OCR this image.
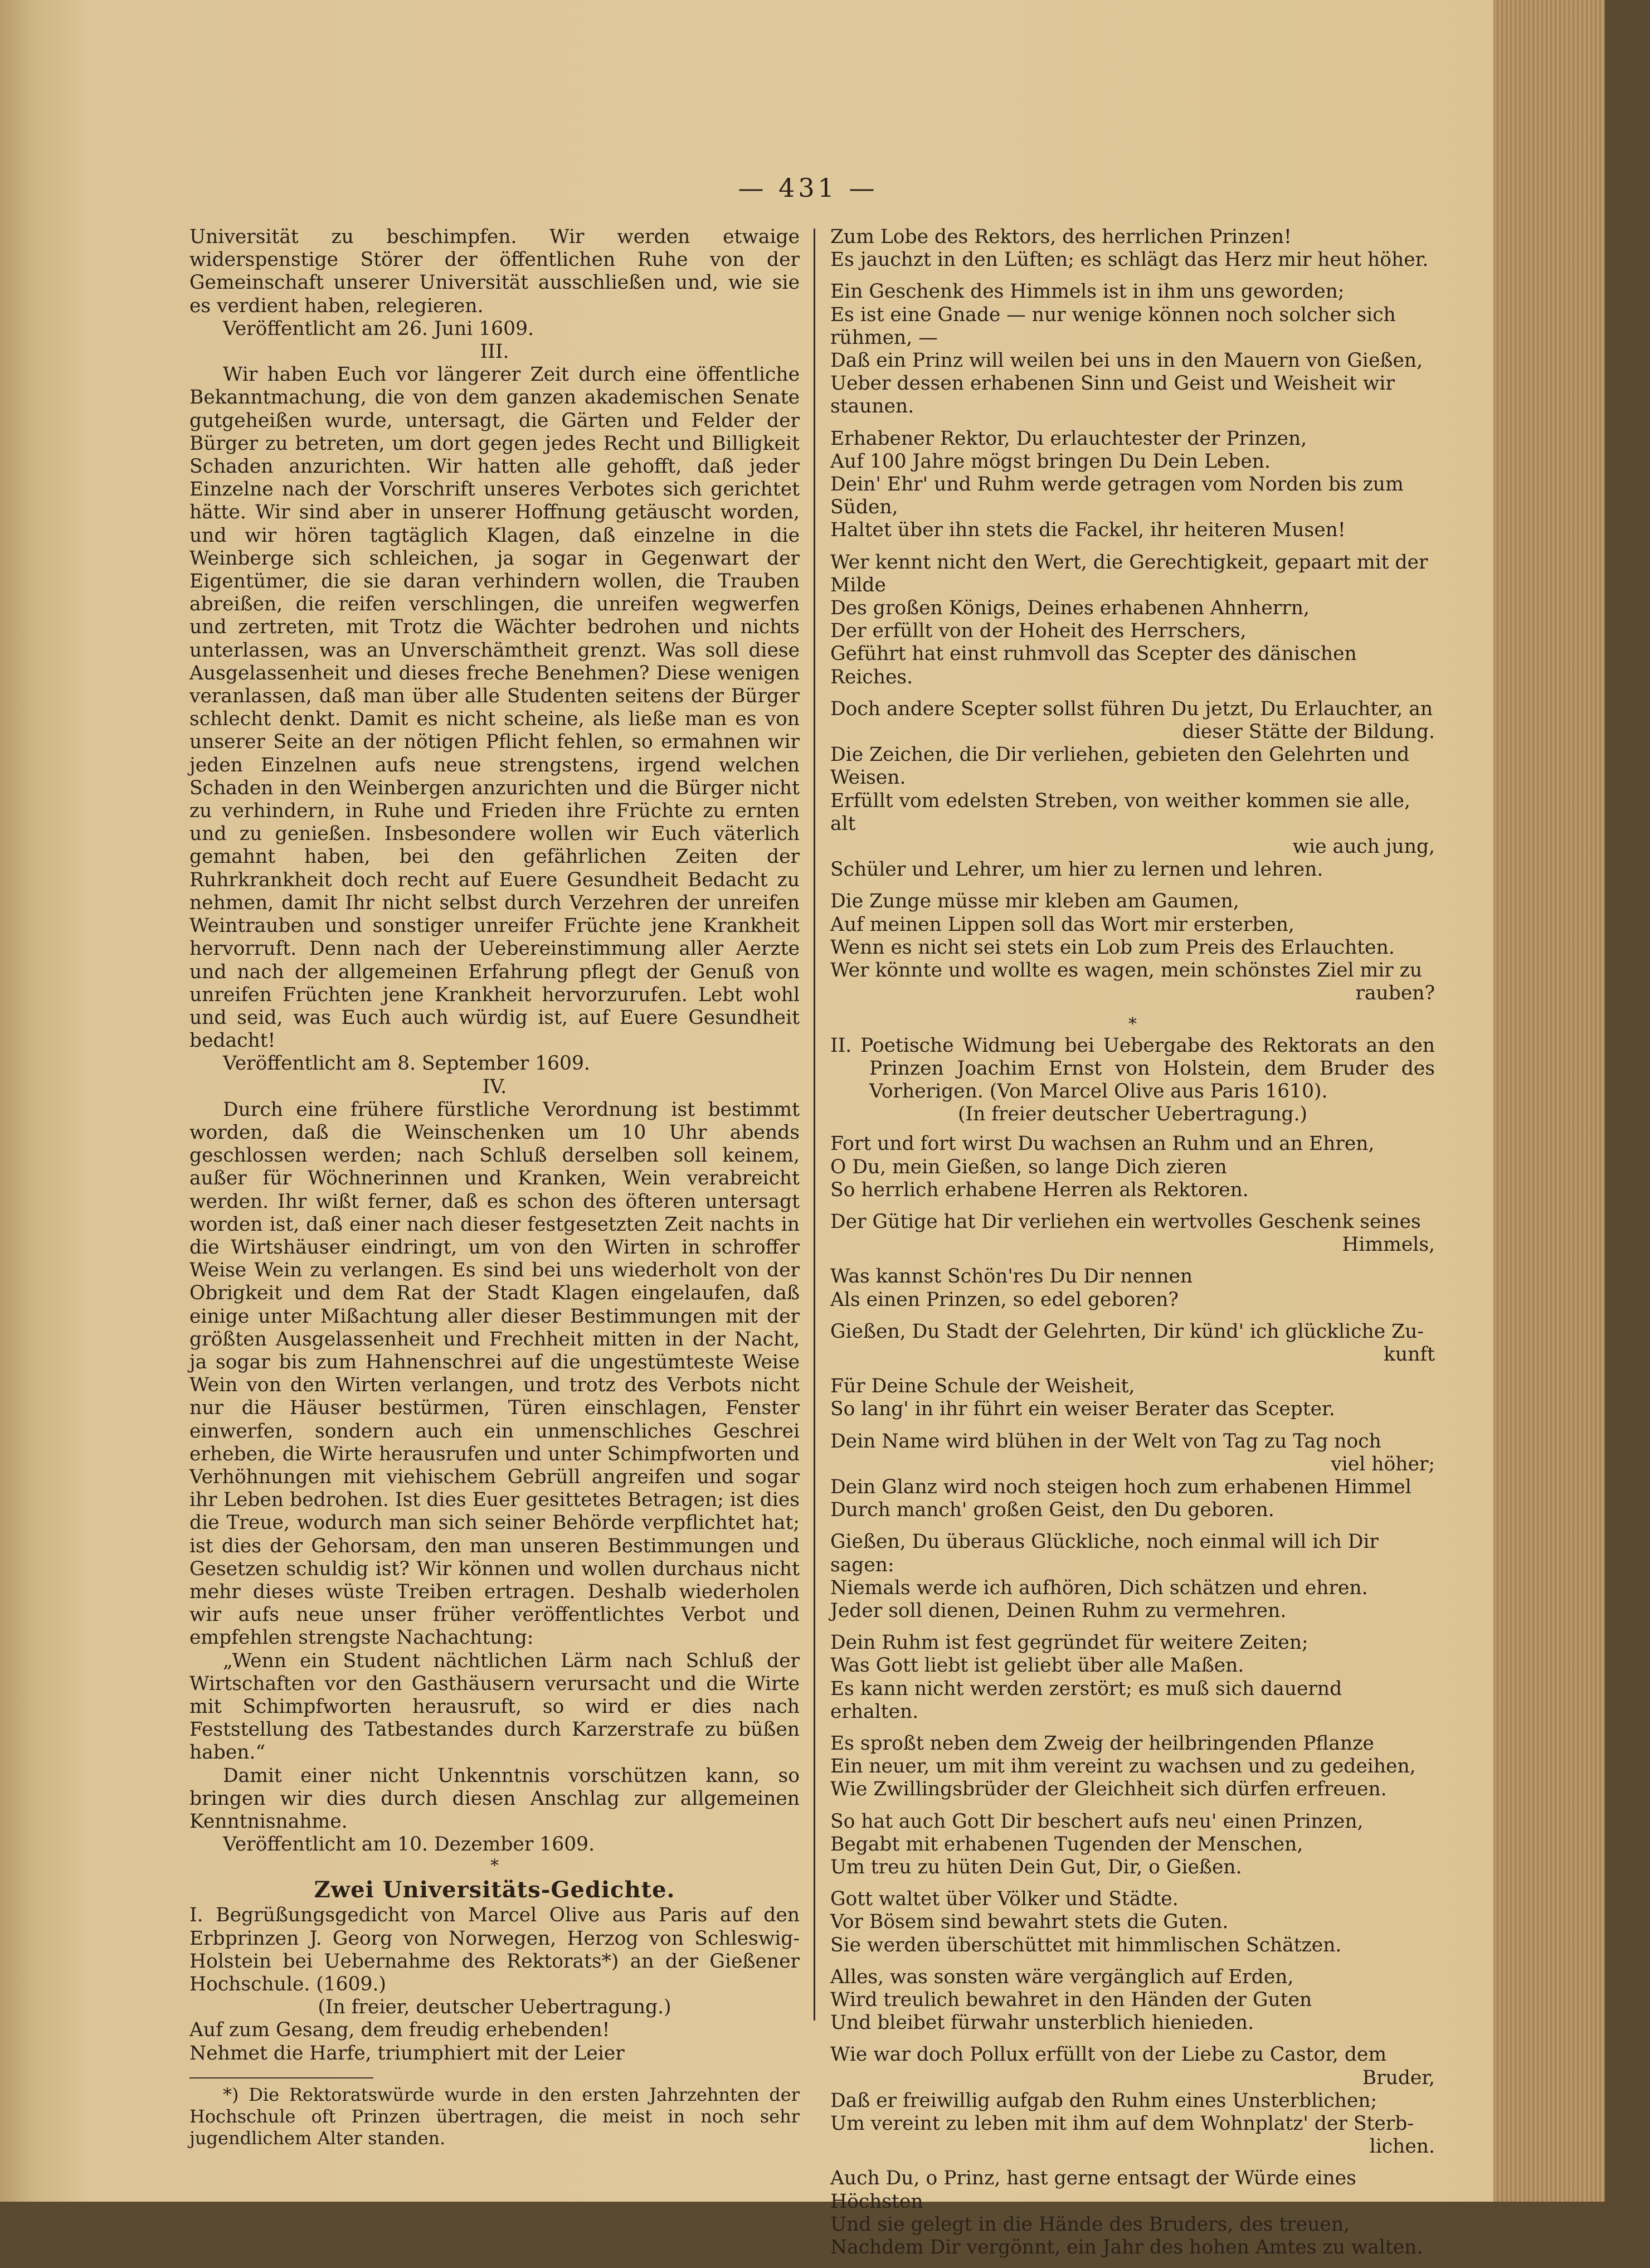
— 431 —

Universität zu beschimpfen. Wir werden etwaige widerspenstige Störer der öffentlichen Ruhe von der Gemeinschaft unserer Universität ausschließen und, wie sie es verdient haben, relegieren.

Veröffentlicht am 26. Juni 1609.

III.

Wir haben Euch vor längerer Zeit durch eine öffentliche Bekanntmachung, die von dem ganzen akademischen Senate gutgeheißen wurde, untersagt, die Gärten und Felder der Bürger zu betreten, um dort gegen jedes Recht und Billigkeit Schaden anzurichten. Wir hatten alle gehofft, daß jeder Einzelne nach der Vorschrift unseres Verbotes sich gerichtet hätte. Wir sind aber in unserer Hoffnung getäuscht worden, und wir hören tagtäglich Klagen, daß einzelne in die Weinberge sich schleichen, ja sogar in Gegenwart der Eigentümer, die sie daran verhindern wollen, die Trauben abreißen, die reifen verschlingen, die unreifen wegwerfen und zertreten, mit Trotz die Wächter bedrohen und nichts unterlassen, was an Unverschämtheit grenzt. Was soll diese Ausgelassenheit und dieses freche Benehmen? Diese wenigen veranlassen, daß man über alle Studenten seitens der Bürger schlecht denkt. Damit es nicht scheine, als ließe man es von unserer Seite an der nötigen Pflicht fehlen, so ermahnen wir jeden Einzelnen aufs neue strengstens, irgend welchen Schaden in den Weinbergen anzurichten und die Bürger nicht zu verhindern, in Ruhe und Frieden ihre Früchte zu ernten und zu genießen. Insbesondere wollen wir Euch väterlich gemahnt haben, bei den gefährlichen Zeiten der Ruhrkrankheit doch recht auf Euere Gesundheit Bedacht zu nehmen, damit Ihr nicht selbst durch Verzehren der unreifen Weintrauben und sonstiger unreifer Früchte jene Krankheit hervorruft. Denn nach der Uebereinstimmung aller Aerzte und nach der allgemeinen Erfahrung pflegt der Genuß von unreifen Früchten jene Krankheit hervorzurufen. Lebt wohl und seid, was Euch auch würdig ist, auf Euere Gesundheit bedacht!

Veröffentlicht am 8. September 1609.

IV.

Durch eine frühere fürstliche Verordnung ist bestimmt worden, daß die Weinschenken um 10 Uhr abends geschlossen werden; nach Schluß derselben soll keinem, außer für Wöchnerinnen und Kranken, Wein verabreicht werden. Ihr wißt ferner, daß es schon des öfteren untersagt worden ist, daß einer nach dieser festgesetzten Zeit nachts in die Wirtshäuser eindringt, um von den Wirten in schroffer Weise Wein zu verlangen. Es sind bei uns wiederholt von der Obrigkeit und dem Rat der Stadt Klagen eingelaufen, daß einige unter Mißachtung aller dieser Bestimmungen mit der größten Ausgelassenheit und Frechheit mitten in der Nacht, ja sogar bis zum Hahnenschrei auf die ungestümteste Weise Wein von den Wirten verlangen, und trotz des Verbots nicht nur die Häuser bestürmen, Türen einschlagen, Fenster einwerfen, sondern auch ein unmenschliches Geschrei erheben, die Wirte herausrufen und unter Schimpfworten und Verhöhnungen mit viehischem Gebrüll angreifen und sogar ihr Leben bedrohen. Ist dies Euer gesittetes Betragen; ist dies die Treue, wodurch man sich seiner Behörde verpflichtet hat; ist dies der Gehorsam, den man unseren Bestimmungen und Gesetzen schuldig ist? Wir können und wollen durchaus nicht mehr dieses wüste Treiben ertragen. Deshalb wiederholen wir aufs neue unser früher veröffentlichtes Verbot und empfehlen strengste Nachachtung:

„Wenn ein Student nächtlichen Lärm nach Schluß der Wirtschaften vor den Gasthäusern verursacht und die Wirte mit Schimpfworten herausruft, so wird er dies nach Feststellung des Tatbestandes durch Karzerstrafe zu büßen haben.“

Damit einer nicht Unkenntnis vorschützen kann, so bringen wir dies durch diesen Anschlag zur allgemeinen Kenntnisnahme.

Veröffentlicht am 10. Dezember 1609.

*

Zwei Universitäts-Gedichte.

I. Begrüßungsgedicht von Marcel Olive aus Paris auf den Erbprinzen J. Georg von Norwegen, Herzog von Schleswig-Holstein bei Uebernahme des Rektorats*) an der Gießener Hochschule. (1609.)

(In freier, deutscher Uebertragung.)

Auf zum Gesang, dem freudig erhebenden!
Nehmet die Harfe, triumphiert mit der Leier

*) Die Rektoratswürde wurde in den ersten Jahrzehnten der Hochschule oft Prinzen übertragen, die meist in noch sehr jugendlichem Alter standen.

Zum Lobe des Rektors, des herrlichen Prinzen!
Es jauchzt in den Lüften; es schlägt das Herz mir heut höher.
Ein Geschenk des Himmels ist in ihm uns geworden;
Es ist eine Gnade — nur wenige können noch solcher sich rühmen, —
Daß ein Prinz will weilen bei uns in den Mauern von Gießen,
Ueber dessen erhabenen Sinn und Geist und Weisheit wir staunen.
Erhabener Rektor, Du erlauchtester der Prinzen,
Auf 100 Jahre mögst bringen Du Dein Leben.
Dein' Ehr' und Ruhm werde getragen vom Norden bis zum Süden,
Haltet über ihn stets die Fackel, ihr heiteren Musen!
Wer kennt nicht den Wert, die Gerechtigkeit, gepaart mit der Milde
Des großen Königs, Deines erhabenen Ahnherrn,
Der erfüllt von der Hoheit des Herrschers,
Geführt hat einst ruhmvoll das Scepter des dänischen Reiches.
Doch andere Scepter sollst führen Du jetzt, Du Erlauchter, an
dieser Stätte der Bildung.
Die Zeichen, die Dir verliehen, gebieten den Gelehrten und Weisen.
Erfüllt vom edelsten Streben, von weither kommen sie alle, alt
wie auch jung,
Schüler und Lehrer, um hier zu lernen und lehren.
Die Zunge müsse mir kleben am Gaumen,
Auf meinen Lippen soll das Wort mir ersterben,
Wenn es nicht sei stets ein Lob zum Preis des Erlauchten.
Wer könnte und wollte es wagen, mein schönstes Ziel mir zu
rauben?

*

II. Poetische Widmung bei Uebergabe des Rektorats an den Prinzen Joachim Ernst von Holstein, dem Bruder des Vorherigen. (Von Marcel Olive aus Paris 1610).

(In freier deutscher Uebertragung.)

Fort und fort wirst Du wachsen an Ruhm und an Ehren,
O Du, mein Gießen, so lange Dich zieren
So herrlich erhabene Herren als Rektoren.
Der Gütige hat Dir verliehen ein wertvolles Geschenk seines
Himmels,
Was kannst Schön'res Du Dir nennen
Als einen Prinzen, so edel geboren?
Gießen, Du Stadt der Gelehrten, Dir künd' ich glückliche Zu-
kunft
Für Deine Schule der Weisheit,
So lang' in ihr führt ein weiser Berater das Scepter.
Dein Name wird blühen in der Welt von Tag zu Tag noch
viel höher;
Dein Glanz wird noch steigen hoch zum erhabenen Himmel
Durch manch' großen Geist, den Du geboren.
Gießen, Du überaus Glückliche, noch einmal will ich Dir sagen:
Niemals werde ich aufhören, Dich schätzen und ehren.
Jeder soll dienen, Deinen Ruhm zu vermehren.
Dein Ruhm ist fest gegründet für weitere Zeiten;
Was Gott liebt ist geliebt über alle Maßen.
Es kann nicht werden zerstört; es muß sich dauernd erhalten.
Es sproßt neben dem Zweig der heilbringenden Pflanze
Ein neuer, um mit ihm vereint zu wachsen und zu gedeihen,
Wie Zwillingsbrüder der Gleichheit sich dürfen erfreuen.
So hat auch Gott Dir beschert aufs neu' einen Prinzen,
Begabt mit erhabenen Tugenden der Menschen,
Um treu zu hüten Dein Gut, Dir, o Gießen.
Gott waltet über Völker und Städte.
Vor Bösem sind bewahrt stets die Guten.
Sie werden überschüttet mit himmlischen Schätzen.
Alles, was sonsten wäre vergänglich auf Erden,
Wird treulich bewahret in den Händen der Guten
Und bleibet fürwahr unsterblich hienieden.
Wie war doch Pollux erfüllt von der Liebe zu Castor, dem
Bruder,
Daß er freiwillig aufgab den Ruhm eines Unsterblichen;
Um vereint zu leben mit ihm auf dem Wohnplatz' der Sterb-
lichen.
Auch Du, o Prinz, hast gerne entsagt der Würde eines Höchsten
Und sie gelegt in die Hände des Bruders, des treuen,
Nachdem Dir vergönnt, ein Jahr des hohen Amtes zu walten.
